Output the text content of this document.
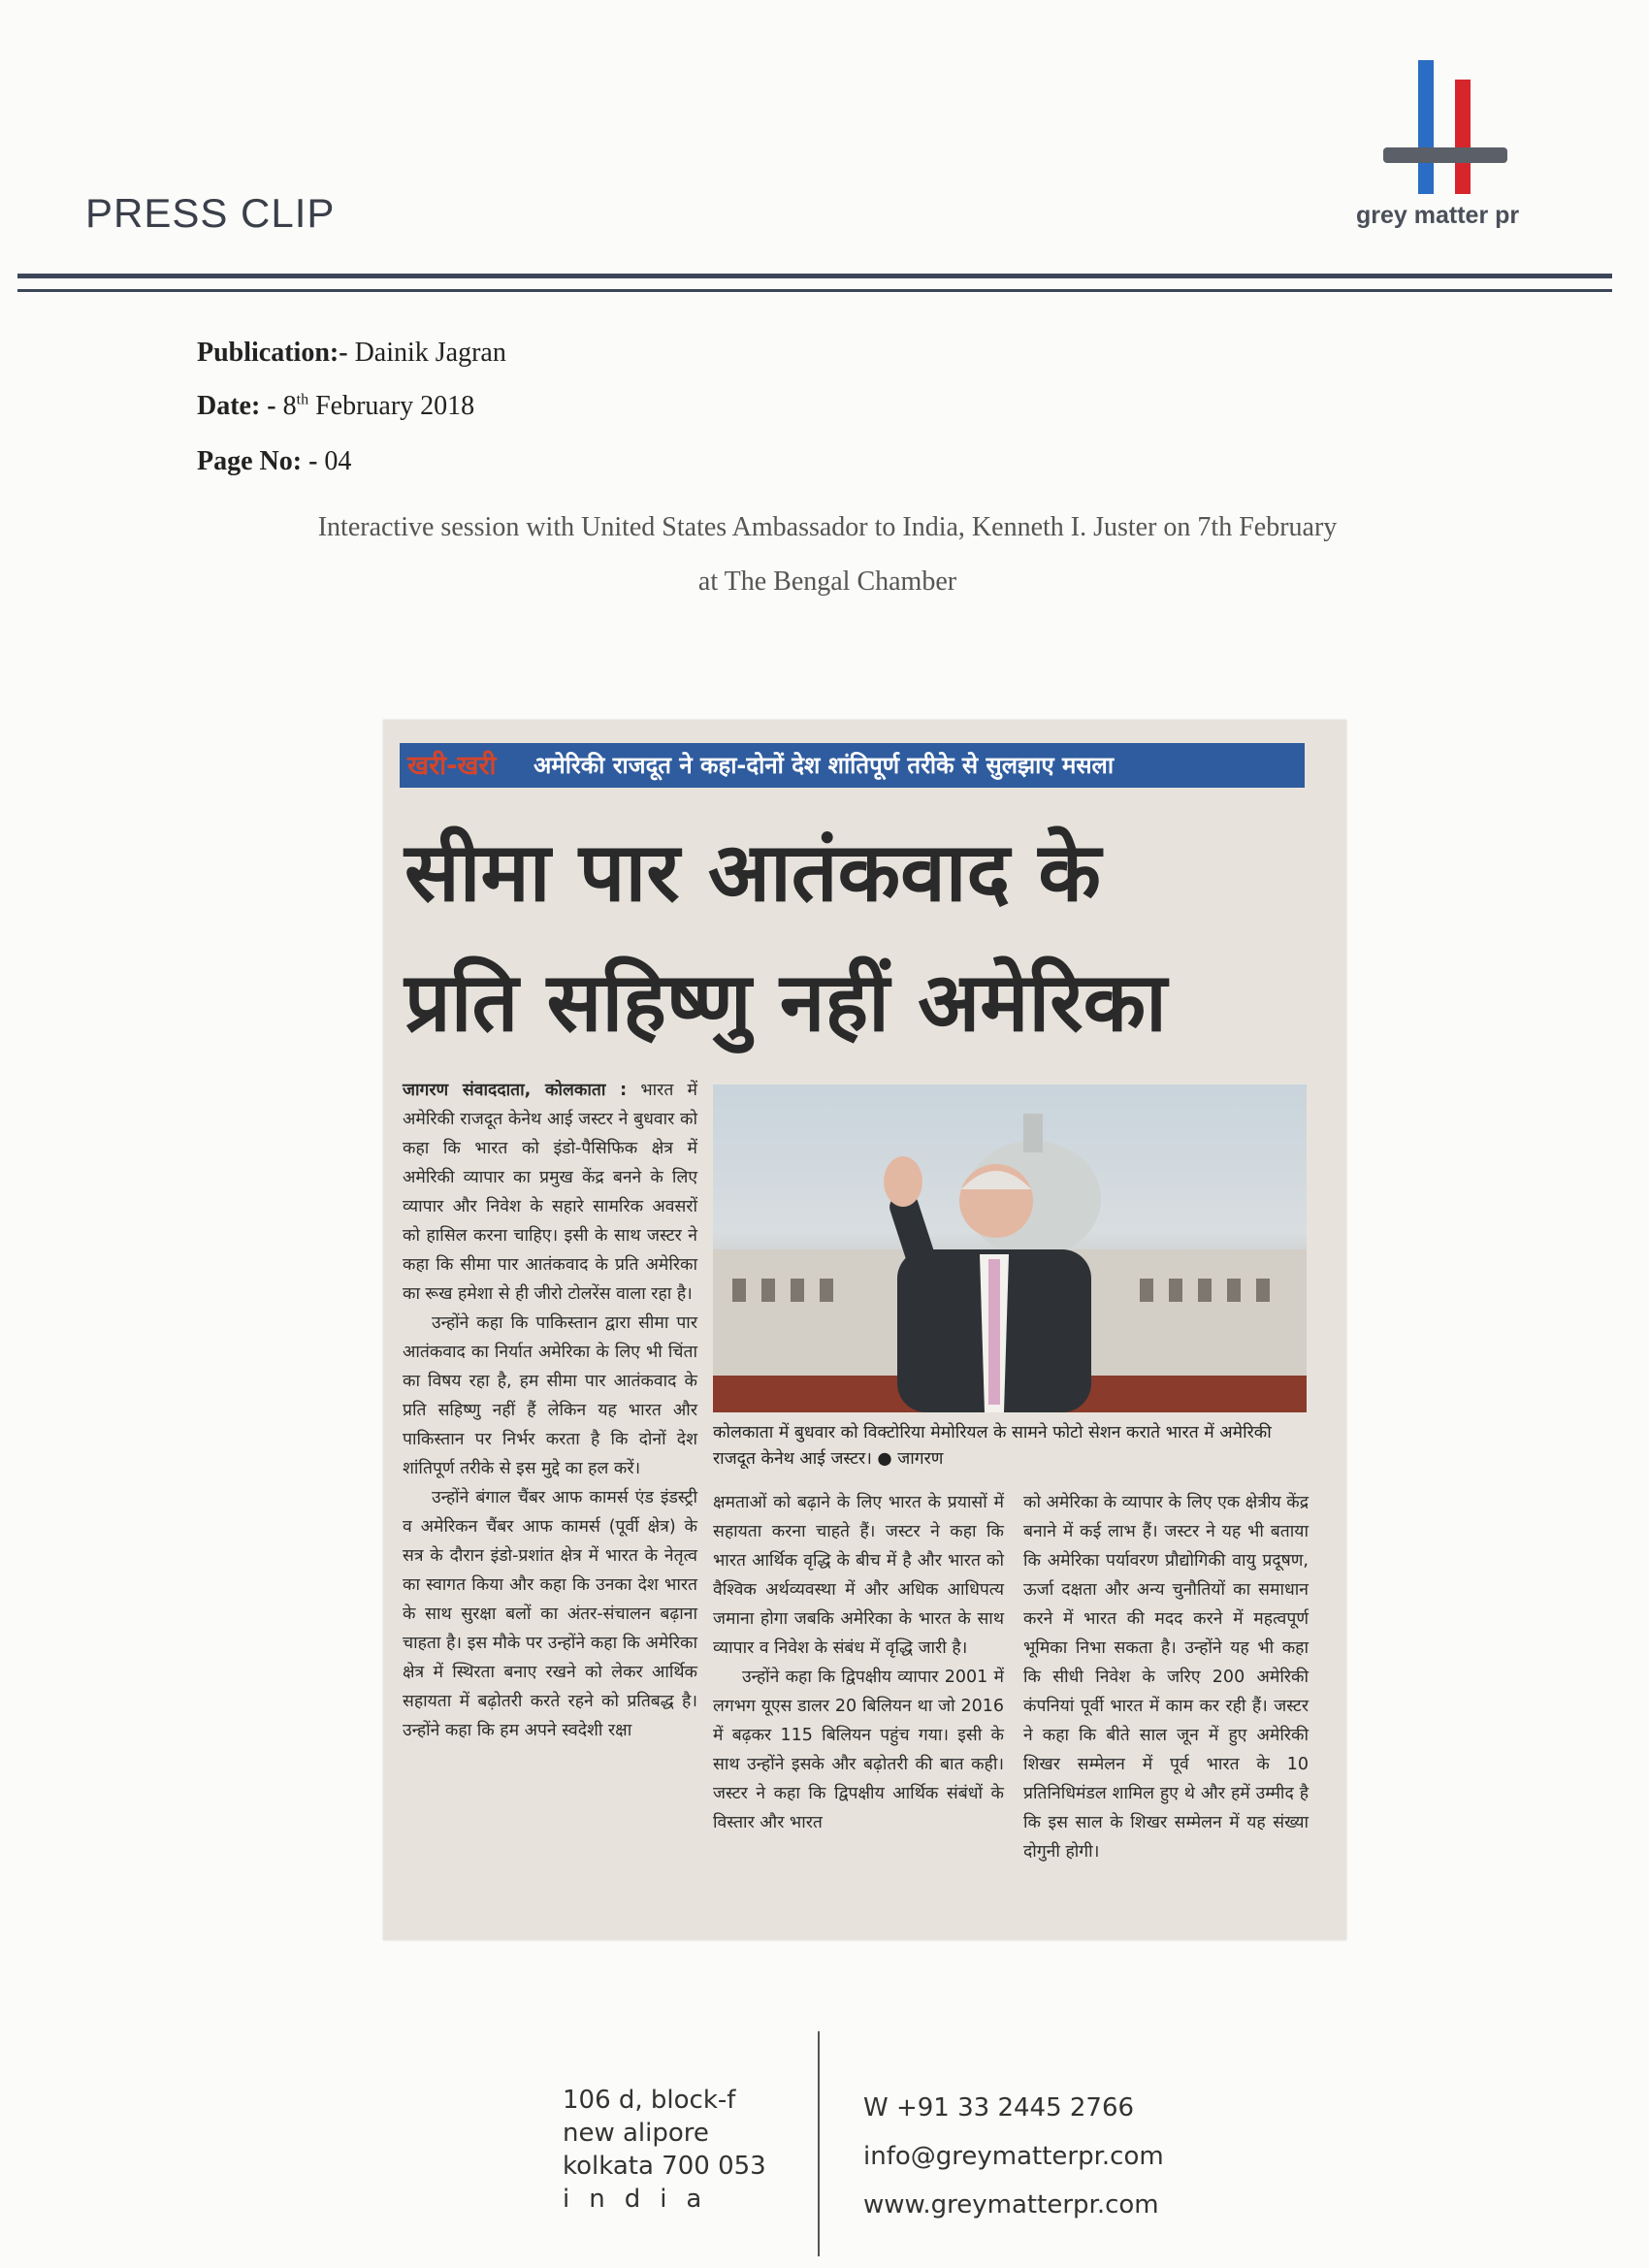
PRESS CLIP	grey matter pr
Publication:- Dainik Jagran
Date: - 8th February 2018
Page No: - 04
Interactive session with United States Ambassador to India, Kenneth I. Juster on 7th February
at The Bengal Chamber
खरी-खरी अमेरिकी राजदूत ने कहा-दोनों देश शांतिपूर्ण तरीके से सुलझाए मसला
सीमा पार आतंकवाद के
प्रति सहिष्णु नहीं अमेरिका
कोलकाता में बुधवार को विक्टोरिया मेमोरियल के सामने फोटो सेशन कराते भारत में अमेरिकी राजदूत केनेथ आई जस्टर। ● जागरण

जागरण संवाददाता, कोलकाता : भारत में अमेरिकी राजदूत केनेथ आई जस्टर ने बुधवार को कहा कि भारत को इंडो-पैसिफिक क्षेत्र में अमेरिकी व्यापार का प्रमुख केंद्र बनने के लिए व्यापार और निवेश के सहारे सामरिक अवसरों को हासिल करना चाहिए। इसी के साथ जस्टर ने कहा कि सीमा पार आतंकवाद के प्रति अमेरिका का रूख हमेशा से ही जीरो टोलरेंस वाला रहा है।

उन्होंने कहा कि पाकिस्तान द्वारा सीमा पार आतंकवाद का निर्यात अमेरिका के लिए भी चिंता का विषय रहा है, हम सीमा पार आतंकवाद के प्रति सहिष्णु नहीं हैं लेकिन यह भारत और पाकिस्तान पर निर्भर करता है कि दोनों देश शांतिपूर्ण तरीके से इस मुद्दे का हल करें।

उन्होंने बंगाल चैंबर आफ कामर्स एंड इंडस्ट्री व अमेरिकन चैंबर आफ कामर्स (पूर्वी क्षेत्र) के सत्र के दौरान इंडो-प्रशांत क्षेत्र में भारत के नेतृत्व का स्वागत किया और कहा कि उनका देश भारत के साथ सुरक्षा बलों का अंतर-संचालन बढ़ाना चाहता है। इस मौके पर उन्होंने कहा कि अमेरिका क्षेत्र में स्थिरता बनाए रखने को लेकर आर्थिक सहायता में बढ़ोतरी करते रहने को प्रतिबद्ध है। उन्होंने कहा कि हम अपने स्वदेशी रक्षा

क्षमताओं को बढ़ाने के लिए भारत के प्रयासों में सहायता करना चाहते हैं। जस्टर ने कहा कि भारत आर्थिक वृद्धि के बीच में है और भारत को वैश्विक अर्थव्यवस्था में और अधिक आधिपत्य जमाना होगा जबकि अमेरिका के भारत के साथ व्यापार व निवेश के संबंध में वृद्धि जारी है।

उन्होंने कहा कि द्विपक्षीय व्यापार 2001 में लगभग यूएस डालर 20 बिलियन था जो 2016 में बढ़कर 115 बिलियन पहुंच गया। इसी के साथ उन्होंने इसके और बढ़ोतरी की बात कही। जस्टर ने कहा कि द्विपक्षीय आर्थिक संबंधों के विस्तार और भारत

को अमेरिका के व्यापार के लिए एक क्षेत्रीय केंद्र बनाने में कई लाभ हैं। जस्टर ने यह भी बताया कि अमेरिका पर्यावरण प्रौद्योगिकी वायु प्रदूषण, ऊर्जा दक्षता और अन्य चुनौतियों का समाधान करने में भारत की मदद करने में महत्वपूर्ण भूमिका निभा सकता है। उन्होंने यह भी कहा कि सीधी निवेश के जरिए 200 अमेरिकी कंपनियां पूर्वी भारत में काम कर रही हैं। जस्टर ने कहा कि बीते साल जून में हुए अमेरिकी शिखर सम्मेलन में पूर्व भारत के 10 प्रतिनिधिमंडल शामिल हुए थे और हमें उम्मीद है कि इस साल के शिखर सम्मेलन में यह संख्या दोगुनी होगी।

106 d, block-f
new alipore
kolkata 700 053
india
W +91 33 2445 2766
info@greymatterpr.com
www.greymatterpr.com
